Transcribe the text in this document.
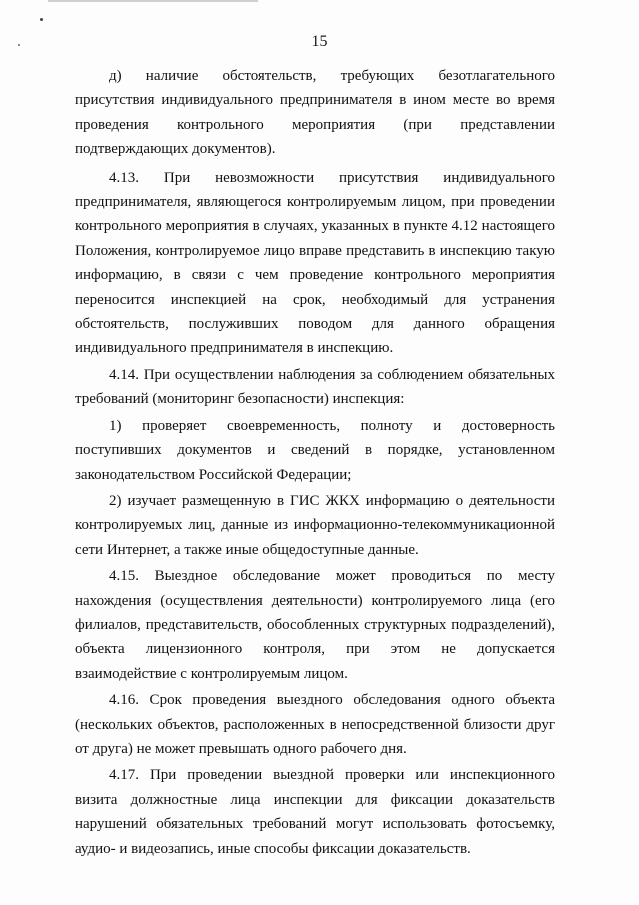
15

д) наличие обстоятельств, требующих безотлагательного присутствия индивидуального предпринимателя в ином месте во время проведения контрольного мероприятия (при представлении подтверждающих документов).

4.13. При невозможности присутствия индивидуального предпринимателя, являющегося контролируемым лицом, при проведении контрольного мероприятия в случаях, указанных в пункте 4.12 настоящего Положения, контролируемое лицо вправе представить в инспекцию такую информацию, в связи с чем проведение контрольного мероприятия переносится инспекцией на срок, необходимый для устранения обстоятельств, послуживших поводом для данного обращения индивидуального предпринимателя в инспекцию.

4.14. При осуществлении наблюдения за соблюдением обязательных требований (мониторинг безопасности) инспекция:

1) проверяет своевременность, полноту и достоверность поступивших документов и сведений в порядке, установленном законодательством Российской Федерации;

2) изучает размещенную в ГИС ЖКХ информацию о деятельности контролируемых лиц, данные из информационно-телекоммуникационной сети Интернет, а также иные общедоступные данные.

4.15. Выездное обследование может проводиться по месту нахождения (осуществления деятельности) контролируемого лица (его филиалов, представительств, обособленных структурных подразделений), объекта лицензионного контроля, при этом не допускается взаимодействие с контролируемым лицом.

4.16. Срок проведения выездного обследования одного объекта (нескольких объектов, расположенных в непосредственной близости друг от друга) не может превышать одного рабочего дня.

4.17. При проведении выездной проверки или инспекционного визита должностные лица инспекции для фиксации доказательств нарушений обязательных требований могут использовать фотосъемку, аудио- и видеозапись, иные способы фиксации доказательств.
